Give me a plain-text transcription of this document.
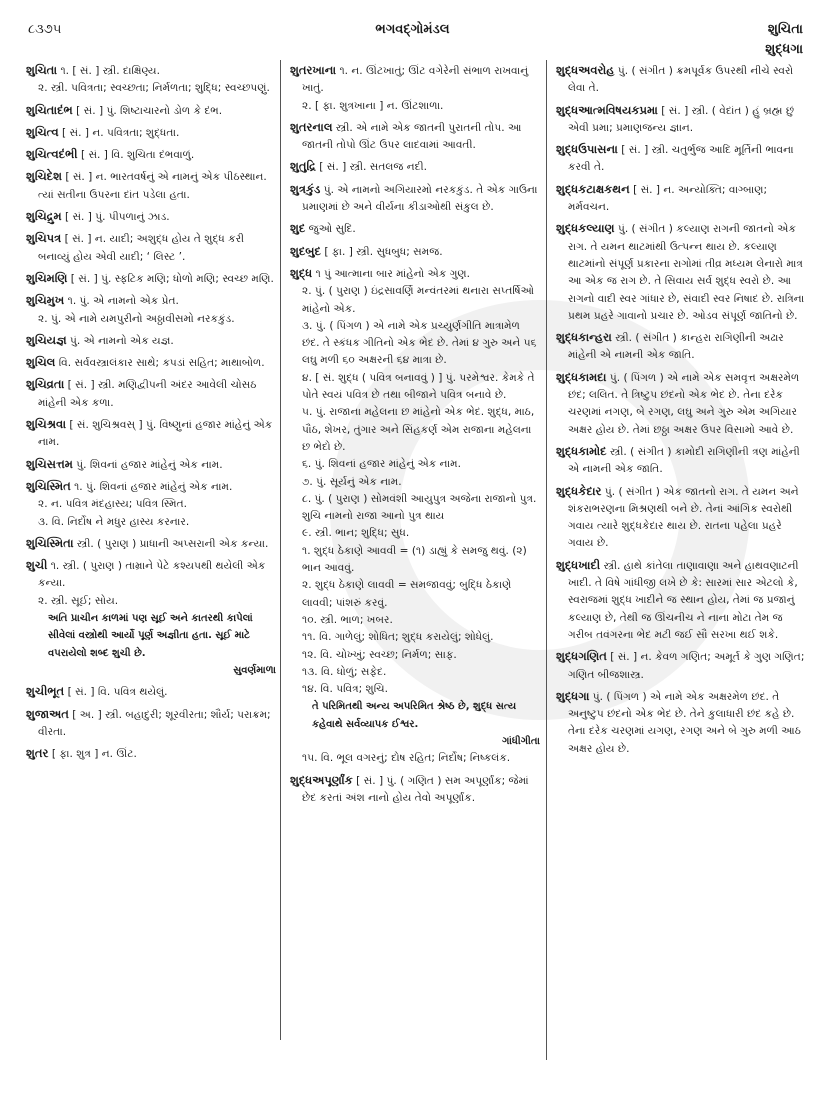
૮૩૭૫	ભગવદ્ગોમંડલ	શુચિતા
શુદ્ધગા
શુચિતા ૧. [ સં. ] સ્ત્રી. દાક્ષિણ્ય.
૨. સ્ત્રી. પવિત્રતા; સ્વચ્છતા; નિર્મળતા; શુદ્ધિ; સ્વચ્છપણું.
શુચિતાદંભ [ સં. ] પું. શિષ્ટાચારનો ડોળ કે દંભ.
શુચિત્વ [ સં. ] ન. પવિત્રતા; શુદ્ધતા.
શુચિત્વદંભી [ સં. ] વિ. શુચિતા દંભવાળું.
શુચિદેશ [ સં. ] ન. ભારતવર્ષનું એ નામનું એક પીઠસ્થાન. ત્યાં સતીના ઉપરના દાંત પડેલા હતા.
શુચિદ્રુમ [ સં. ] પું. પીપળાનું ઝાડ.
શુચિપત્ર [ સં. ] ન. યાદી; અશુદ્ધ હોય તે શુદ્ધ કરી બનાવ્યું હોય એવી યાદી; ‘ લિસ્ટ ’.
શુચિમણિ [ સં. ] પું. સ્ફટિક મણિ; ધોળો મણિ; સ્વચ્છ મણિ.
શુચિમુખ ૧. પું. એ નામનો એક પ્રેત.
૨. પું. એ નામે યમપુરીનો અઠ્ઠાવીસમો નરકકુંડ.
શુચિયજ્ઞ પું. એ નામનો એક યજ્ઞ.
શુચિલ વિ. સર્વવસ્ત્રાલંકાર સાથે; કપડાં સહિત; માથાબોળ.
શુચિવ્રતા [ સં. ] સ્ત્રી. મણિદ્વીપની અંદર આવેલી ચોસઠ માંહેની એક કળા.
શુચિશ્રવા [ સં. શુચિશ્રવસ્ ] પું. વિષ્ણુનાં હજાર માંહેનું એક નામ.
શુચિસત્તમ પું. શિવનાં હજાર માંહેનું એક નામ.
શુચિસ્મિત ૧. પું. શિવનાં હજાર માંહેનું એક નામ.
૨. ન. પવિત્ર મંદહાસ્ય; પવિત્ર સ્મિત.
૩. વિ. નિર્દોષ ને મધુર હાસ્ય કરનાર.
શુચિસ્મિતા સ્ત્રી. ( પુરાણ ) પ્રાધાની અપ્સરાની એક કન્યા.
શુચી ૧. સ્ત્રી. ( પુરાણ ) તામ્રાને પેટે કશ્યપથી થયેલી એક કન્યા.
૨. સ્ત્રી. સૂઈ; સોય.
અતિ પ્રાચીન કાળમાં પણ સૂઈ અને કાતરથી કાપેલાં સીવેલાં વસ્ત્રોથી આર્યો પૂર્ણ અજ્ઞીતા હતા. સૂઈ માટે વપરાયેલો શબ્દ શુચી છે.
સુવર્ણમાળા
શુચીભૂત [ સં. ] વિ. પવિત્ર થયેલું.
શુજાઅત [ અ. ] સ્ત્રી. બહાદુરી; શૂરવીરતા; શૌર્ય; પરાક્રમ; વીરતા.
શુતર [ ફા. શુત્ર ] ન. ઊંટ.
શુતરખાના ૧. ન. ઊંટખાતું; ઊંટ વગેરેની સંભાળ રાખવાનું ખાતું.
૨. [ ફા. શુત્રખાના ] ન. ઊંટશાળા.
શુતરનાલ સ્ત્રી. એ નામે એક જાતની પુરાતની તોપ. આ જાતની તોપો ઊંટ ઉપર લાદવામાં આવતી.
શુતુદ્રિ [ સં. ] સ્ત્રી. સતલજ નદી.
શુત્રકુંડ પું. એ નામનો અગિયારમો નરકકુંડ. તે એક ગાઉના પ્રમાણમાં છે અને વીર્યના કીડાઓથી સંકુલ છે.
શુદ જુઓ સુદિ.
શુદબુદ [ ફા. ] સ્ત્રી. સુધબુધ; સમજ.
શુદ્ધ ૧ પું આત્માના બાર માંહેનો એક ગુણ.
૨. પું. ( પુરાણ ) ઇંદ્રસાવર્ણિ મન્વંતરમાં થનારા સપ્તર્ષિઓ માંહેનો એક.
૩. પું. ( પિંગળ ) એ નામે એક પ્રચ્યુર્ણગીતિ માત્રામેળ છંદ. તે સ્કંધક ગીતિનો એક ભેદ છે. તેમાં ૪ ગુરુ અને ૫૬ લઘુ મળી ૬૦ અક્ષરની ૬૪ માત્રા છે.
૪. [ સં. શુદ્ધ ( પવિત્ર બનાવવું ) ] પું. પરમેશ્વર. કેમકે તે પોતે સ્વયં પવિત્ર છે તથા બીજાને પવિત્ર બનાવે છે.
૫. પું. રાજાના મહેલના છ માંહેનો એક ભેદ. શુદ્ધ, માઠ, પૌઠ, શેખર, તુંગાર અને સિંહકર્ણ એમ રાજાના મહેલના છ ભેદો છે.
૬. પું. શિવનાં હજાર માંહેનું એક નામ.
૭. પું. સૂર્યનું એક નામ.
૮. પું. ( પુરાણ ) સોમવંશી આયુપુત્ર અજેના રાજાનો પુત્ર. શુચિ નામનો રાજા આનો પુત્ર થાય
૯. સ્ત્રી. ભાન; શુદ્ધિ; સુધ.
૧. શુદ્ધ ઠેકાણે આવવી = (૧) ડાહ્યું કે સમજુ થવું. (૨) ભાન આવવું.
૨. શુદ્ધ ઠેકાણે લાવવી = સમજાવવું; બુદ્ધિ ઠેકાણે લાવવી; પાંશરું કરવું.
૧૦. સ્ત્રી. ભાળ; ખબર.
૧૧. વિ. ગાળેલું; શોધિત; શુદ્ધ કરાયેલું; શોધેલું.
૧૨. વિ. ચોખ્ખું; સ્વચ્છ; નિર્મળ; સાફ.
૧૩. વિ. ધોળું; સફેદ.
૧૪. વિ. પવિત્ર; શુચિ.
તે પરિમિતથી અન્ય અપરિમિત શ્રેષ્ઠ છે, શુદ્ધ સત્ય કહેવાથે સર્વવ્યાપક ઈશ્વર.
ગાંધીગીતા
૧૫. વિ. ભૂલ વગરનું; દોષ રહિત; નિર્દોષ; નિષ્કલંક.
શુદ્ધઅપૂર્ણાંક [ સં. ] પું. ( ગણિત ) સમ અપૂર્ણાંક; જેમાં છેદ કરતાં અંશ નાનો હોય તેવો અપૂર્ણાંક.
શુદ્ધઅવરોહ પું. ( સંગીત ) ક્રમપૂર્વક ઉપરથી નીચે સ્વરો લેવા તે.
શુદ્ધઆત્મવિષયકપ્રમા [ સં. ] સ્ત્રી. ( વેદાંત ) હું બ્રહ્મ છું એવી પ્રમા; પ્રમાણજન્ય જ્ઞાન.
શુદ્ધઉપાસના [ સં. ] સ્ત્રી. ચતુર્ભુજ આદિ મૂર્તિની ભાવના કરવી તે.
શુદ્ધકટાક્ષકથન [ સં. ] ન. અન્યોક્તિ; વાગ્બાણ; મર્મવચન.
શુદ્ધકલ્યાણ પું. ( સંગીત ) કલ્યાણ રાગની જાતનો એક રાગ. તે યમન થાટમાંથી ઉત્પન્ન થાય છે. કલ્યાણ થાટમાંનો સંપૂર્ણ પ્રકારના રાગોમાં તીવ્ર મધ્યમ લેનારો માત્ર આ એક જ રાગ છે. તે સિવાય સર્વ શુદ્ધ સ્વરો છે. આ રાગનો વાદી સ્વર ગાંધાર છે, સંવાદી સ્વર નિષાદ છે. રાત્રિના પ્રથમ પ્રહરે ગાવાનો પ્રચાર છે. ઓડવ સંપૂર્ણ જાતિનો છે.
શુદ્ધકાન્હરા સ્ત્રી. ( સંગીત ) કાન્હરા રાગિણીની અઢાર માંહેની એ નામની એક જાતિ.
શુદ્ધકામદા પું. ( પિંગળ ) એ નામે એક સમવૃત્ત અક્ષરમેળ છંદ; લલિત. તે ત્રિષ્ટુપ છંદનો એક ભેદ છે. તેના દરેક ચરણમાં નગણ, બે રગણ, લઘુ અને ગુરુ એમ અગિયાર અક્ષર હોય છે. તેમાં છઠ્ઠા અક્ષર ઉપર વિસામો આવે છે.
શુદ્ધકામોદ સ્ત્રી. ( સંગીત ) કામોદી રાગિણીની ત્રણ માંહેની એ નામની એક જાતિ.
શુદ્ધકેદાર પું. ( સંગીત ) એક જાતનો રાગ. તે યમન અને શંકરાભરણના મિશ્રણથી બને છે. તેનાં આંગિક સ્વરોથી ગવાય ત્યારે શુદ્ધકેદાર થાય છે. રાતના પહેલા પ્રહરે ગવાય છે.
શુદ્ધખાદી સ્ત્રી. હાથે કાંતેલા તાણાવાણા અને હાથવણાટની ખાદી. તે વિષે ગાંધીજી લખે છે કે: સારમાં સાર એટલો કે, સ્વરાજમાં શુદ્ધ ખાદીને જ સ્થાન હોય, તેમાં જ પ્રજાનું કલ્યાણ છે, તેથી જ ઊંચનીચ ને નાના મોટા તેમ જ ગરીબ તવંગરના ભેદ મટી જઈ સૌ સરખા થઈ શકે.
શુદ્ધગણિત [ સં. ] ન. કેવળ ગણિત; અમૂર્ત કે ગુણ ગણિત; ગણિત બીજશાસ્ત્ર.
શુદ્ધગા પું. ( પિંગળ ) એ નામે એક અક્ષરમેળ છંદ. તે અનુષ્ટુપ છંદનો એક ભેદ છે. તેને કુલાધારી છંદ કહે છે. તેના દરેક ચરણમાં યગણ, રગણ અને બે ગુરુ મળી આઠ અક્ષર હોય છે.
